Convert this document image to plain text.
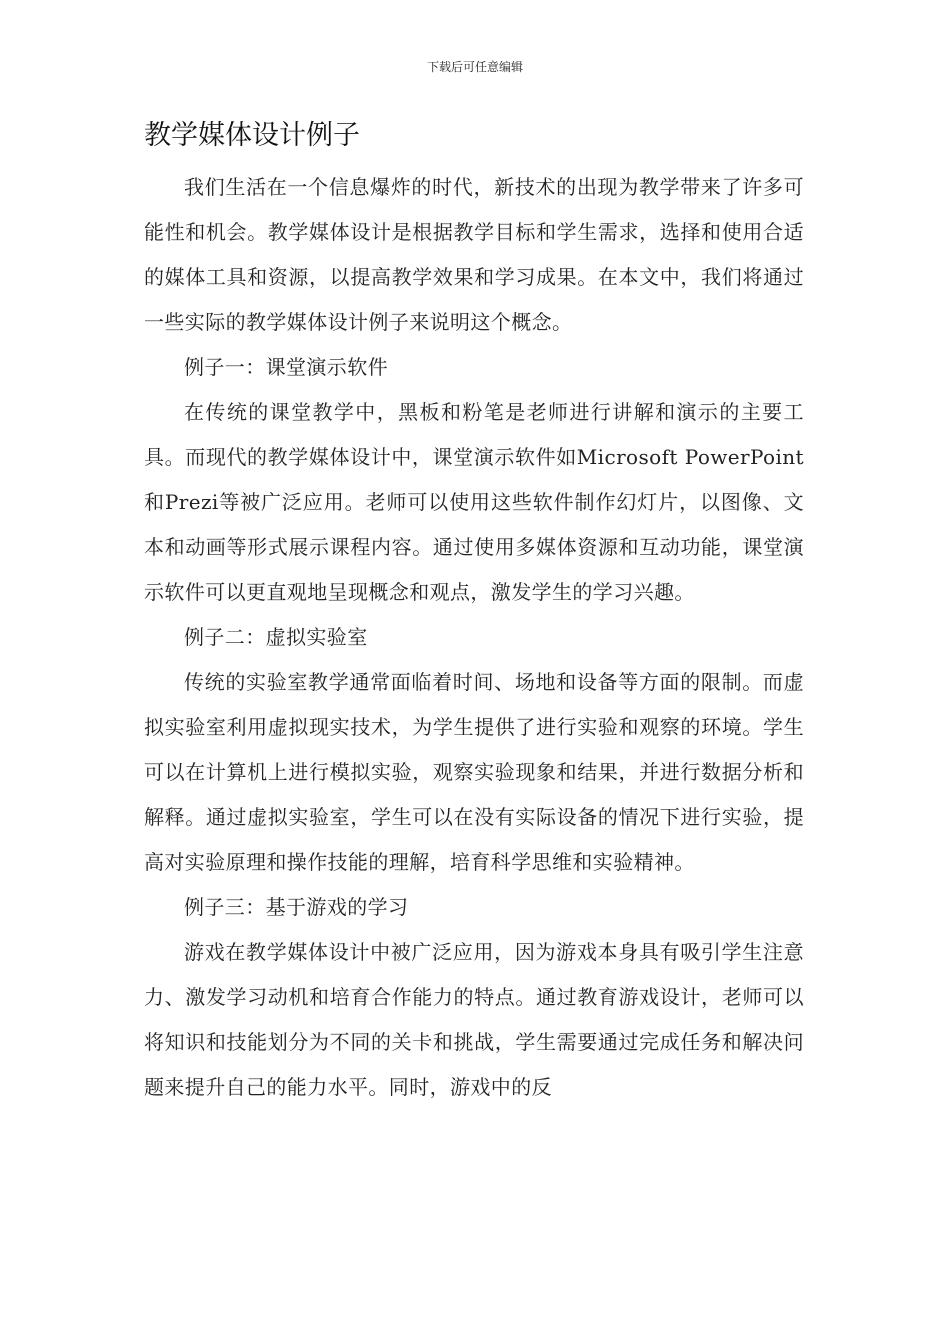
下载后可任意编辑

教学媒体设计例子

我们生活在一个信息爆炸的时代，新技术的出现为教学带来了许多可能性和机会。教学媒体设计是根据教学目标和学生需求，选择和使用合适的媒体工具和资源，以提高教学效果和学习成果。在本文中，我们将通过一些实际的教学媒体设计例子来说明这个概念。

例子一：课堂演示软件

在传统的课堂教学中，黑板和粉笔是老师进行讲解和演示的主要工具。而现代的教学媒体设计中，课堂演示软件如Microsoft PowerPoint和Prezi等被广泛应用。老师可以使用这些软件制作幻灯片，以图像、文本和动画等形式展示课程内容。通过使用多媒体资源和互动功能，课堂演示软件可以更直观地呈现概念和观点，激发学生的学习兴趣。

例子二：虚拟实验室

传统的实验室教学通常面临着时间、场地和设备等方面的限制。而虚拟实验室利用虚拟现实技术，为学生提供了进行实验和观察的环境。学生可以在计算机上进行模拟实验，观察实验现象和结果，并进行数据分析和解释。通过虚拟实验室，学生可以在没有实际设备的情况下进行实验，提高对实验原理和操作技能的理解，培育科学思维和实验精神。

例子三：基于游戏的学习

游戏在教学媒体设计中被广泛应用，因为游戏本身具有吸引学生注意力、激发学习动机和培育合作能力的特点。通过教育游戏设计，老师可以将知识和技能划分为不同的关卡和挑战，学生需要通过完成任务和解决问题来提升自己的能力水平。同时，游戏中的反
